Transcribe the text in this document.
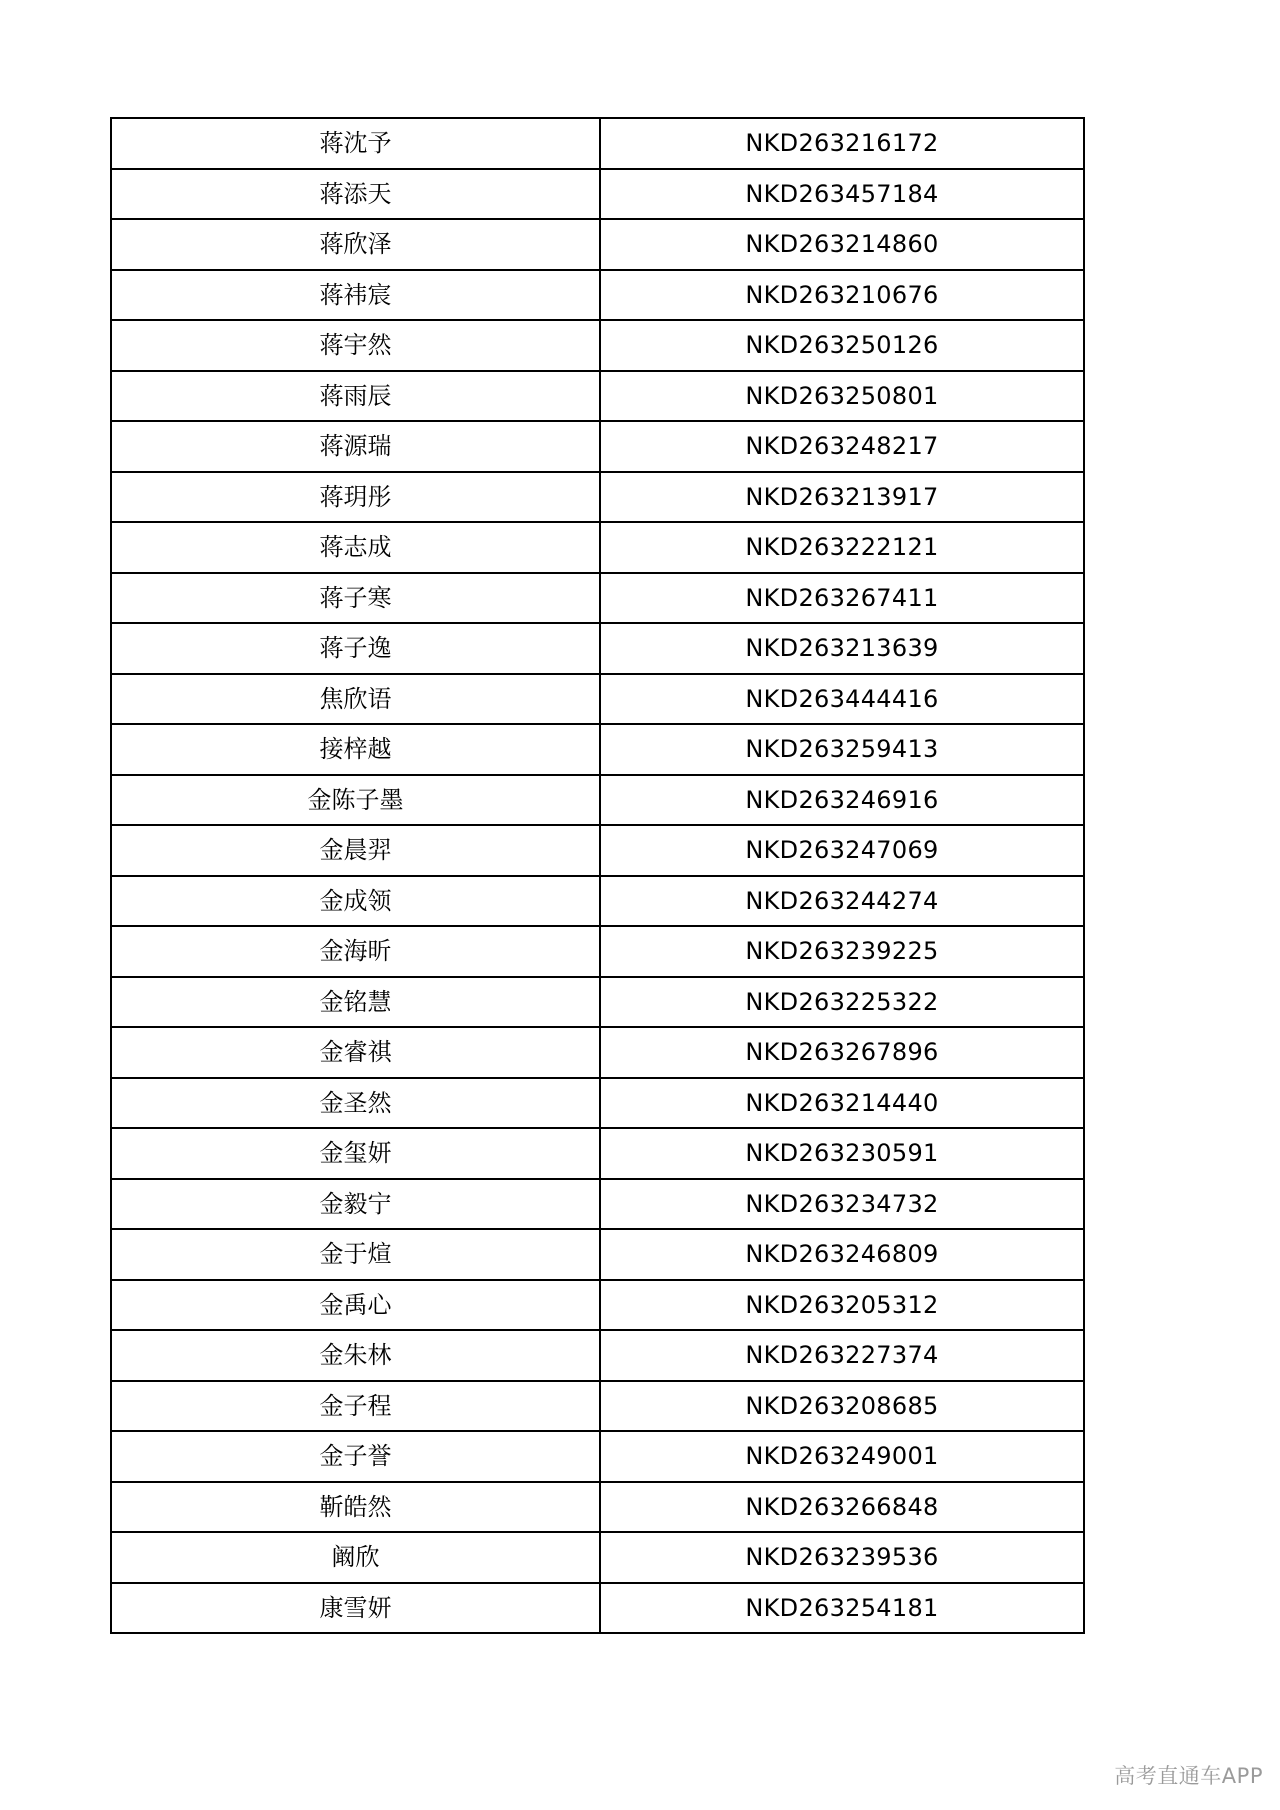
蒋沈予	NKD263216172
蒋添天	NKD263457184
蒋欣泽	NKD263214860
蒋祎宸	NKD263210676
蒋宇然	NKD263250126
蒋雨辰	NKD263250801
蒋源瑞	NKD263248217
蒋玥彤	NKD263213917
蒋志成	NKD263222121
蒋子寒	NKD263267411
蒋子逸	NKD263213639
焦欣语	NKD263444416
接梓越	NKD263259413
金陈子墨	NKD263246916
金晨羿	NKD263247069
金成领	NKD263244274
金海昕	NKD263239225
金铭慧	NKD263225322
金睿祺	NKD263267896
金圣然	NKD263214440
金玺妍	NKD263230591
金毅宁	NKD263234732
金于煊	NKD263246809
金禹心	NKD263205312
金朱林	NKD263227374
金子程	NKD263208685
金子誉	NKD263249001
靳皓然	NKD263266848
阚欣	NKD263239536
康雪妍	NKD263254181
高考直通车APP
